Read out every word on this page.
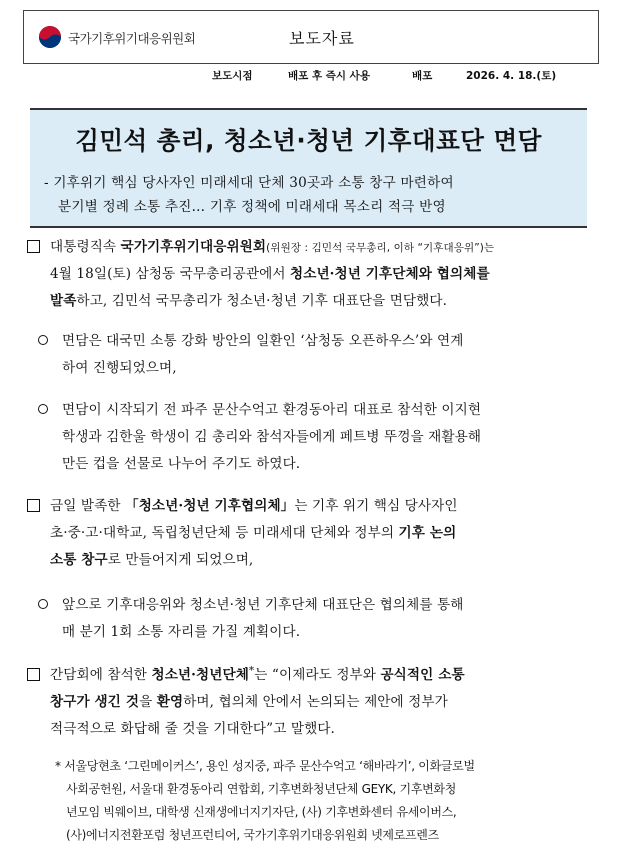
국가기후위기대응위원회	보도자료
보도시점	배포 후 즉시 사용	배포	2026. 4. 18.(토)
김민석 총리, 청소년·청년 기후대표단 면담
- 기후위기 핵심 당사자인 미래세대 단체 30곳과 소통 창구 마련하여
분기별 정례 소통 추진… 기후 정책에 미래세대 목소리 적극 반영
대통령직속 국가기후위기대응위원회(위원장 : 김민석 국무총리, 이하 “기후대응위”)는
4월 18일(토) 삼청동 국무총리공관에서 청소년·청년 기후단체와 협의체를
발족하고, 김민석 국무총리가 청소년·청년 기후 대표단을 면담했다.
면담은 대국민 소통 강화 방안의 일환인 ‘삼청동 오픈하우스’와 연계
하여 진행되었으며,
면담이 시작되기 전 파주 문산수억고 환경동아리 대표로 참석한 이지현
학생과 김한울 학생이 김 총리와 참석자들에게 페트병 뚜껑을 재활용해
만든 컵을 선물로 나누어 주기도 하였다.
금일 발족한 「청소년·청년 기후협의체」는 기후 위기 핵심 당사자인
초·중·고·대학교, 독립청년단체 등 미래세대 단체와 정부의 기후 논의
소통 창구로 만들어지게 되었으며,
앞으로 기후대응위와 청소년·청년 기후단체 대표단은 협의체를 통해
매 분기 1회 소통 자리를 가질 계획이다.
간담회에 참석한 청소년·청년단체*는 “이제라도 정부와 공식적인 소통
창구가 생긴 것을 환영하며, 협의체 안에서 논의되는 제안에 정부가
적극적으로 화답해 줄 것을 기대한다”고 말했다.
* 서울당현초 ‘그린메이커스’, 용인 성지중, 파주 문산수억고 ‘해바라기’, 이화글로벌
사회공헌원, 서울대 환경동아리 연합회, 기후변화청년단체 GEYK, 기후변화청
년모임 빅웨이브, 대학생 신재생에너지기자단, (사) 기후변화센터 유세이버스,
(사)에너지전환포럼 청년프런티어, 국가기후위기대응위원회 넷제로프렌즈
